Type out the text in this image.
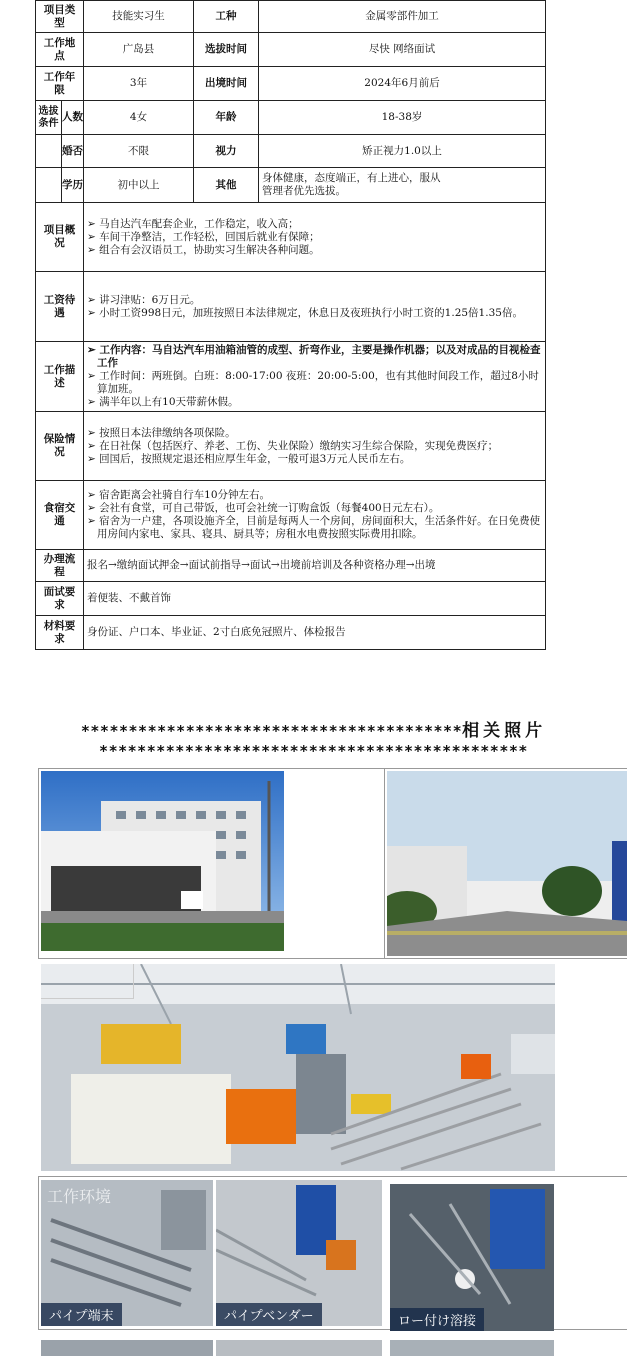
项目类型		技能实习生	工种	金属零部件加工
工作地点		广岛县	选拔时间	尽快 网络面试
工作年限		3年	出境时间	2024年6月前后
选拔条件	人数	4女	年龄	18-38岁
	婚否	不限	视力	矫正视力1.0以上
	学历	初中以上	其他	身体健康，态度端正，有上进心，服从管理者优先选拔。
项目概况		➢ 马自达汽车配套企业，工作稳定，收入高；
➢ 车间干净整洁，工作轻松，回国后就业有保障；
➢ 组合有会汉语员工，协助实习生解决各种问题。

工资待遇		➢ 讲习津贴：6万日元。
➢ 小时工资998日元，加班按照日本法律规定，休息日及夜班执行小时工资的1.25倍1.35倍。

工作描述		➢ 工作内容：马自达汽车用油箱油管的成型、折弯作业，主要是操作机器；以及对成品的目视检查工作
➢ 工作时间：两班倒。白班：8:00-17:00 夜班：20:00-5:00，也有其他时间段工作，超过8小时算加班。
➢ 满半年以上有10天带薪休假。

保险情况		➢ 按照日本法律缴纳各项保险。
➢ 在日社保（包括医疗、养老、工伤、失业保险）缴纳实习生综合保险，实现免费医疗；
➢ 回国后，按照规定退还相应厚生年金，一般可退3万元人民币左右。

食宿交通		➢ 宿舍距离会社骑自行车10分钟左右。
➢ 会社有食堂，可自己带饭，也可会社统一订购盒饭（每餐400日元左右）。
➢ 宿舍为一户建，各项设施齐全，目前是每两人一个房间，房间面积大，生活条件好。在日免费使用房间内家电、家具、寝具、厨具等；房租水电费按照实际费用扣除。

办理流程		报名→缴纳面试押金→面试前指导→面试→出境前培训及各种资格办理→出境		
面试要求		着便装、不戴首饰		
材料要求		身份证、户口本、毕业证、2寸白底免冠照片、体检报告		
****************************************相关照片
*********************************************
工作环境
パイプ端末	パイプベンダー	ロー付け溶接
